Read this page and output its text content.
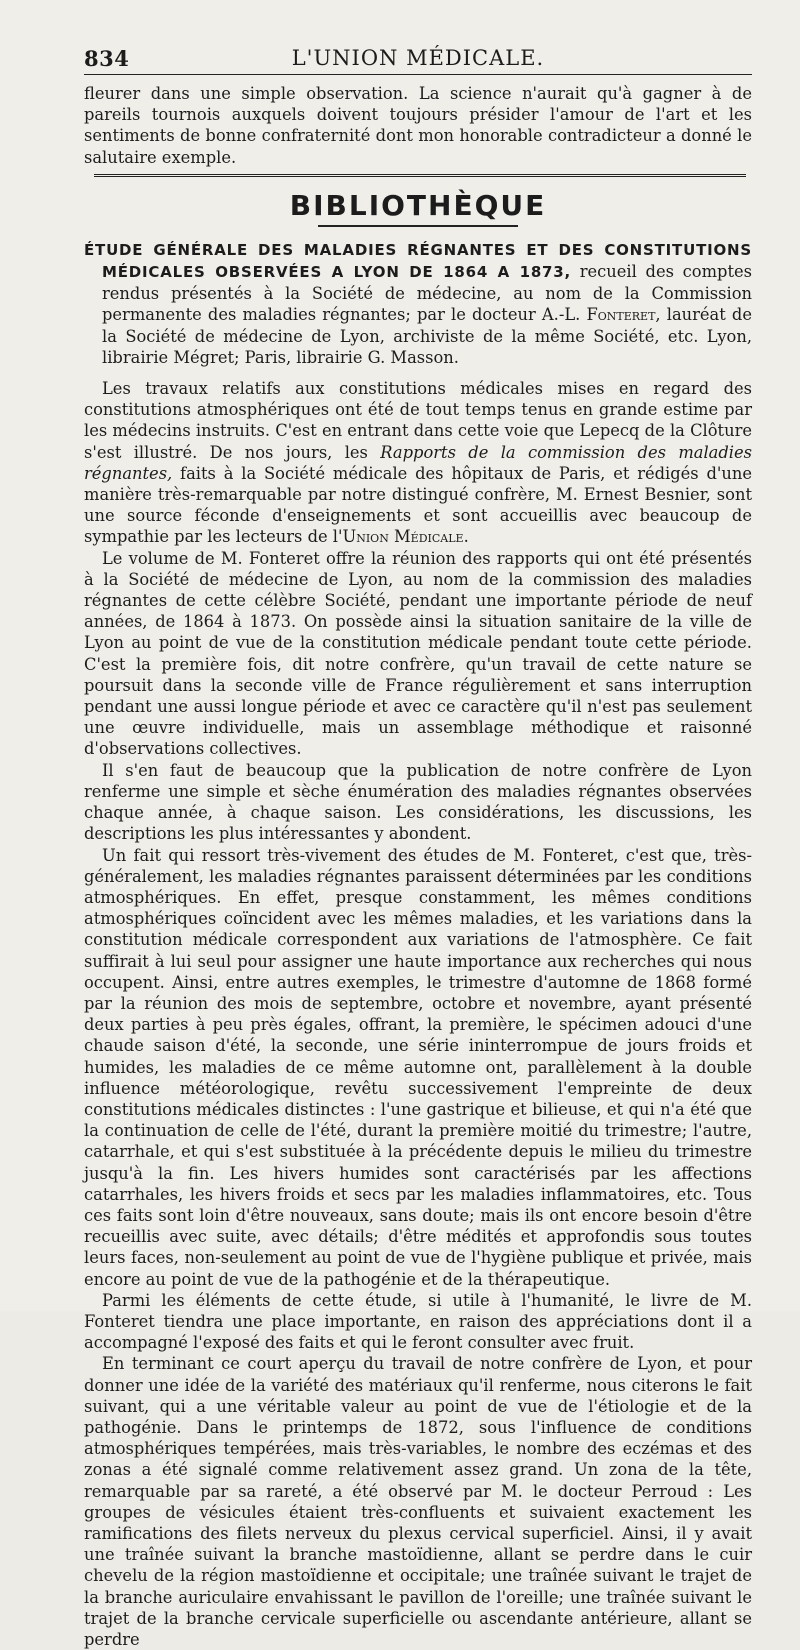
834	L'UNION MÉDICALE.

fleurer dans une simple observation. La science n'aurait qu'à gagner à de pareils tournois auxquels doivent toujours présider l'amour de l'art et les sentiments de bonne confraternité dont mon honorable contradicteur a donné le salutaire exemple.

BIBLIOTHÈQUE

ÉTUDE GÉNÉRALE DES MALADIES RÉGNANTES ET DES CONSTITUTIONS MÉDICALES OBSERVÉES A LYON DE 1864 A 1873, recueil des comptes rendus présentés à la Société de médecine, au nom de la Commission permanente des maladies régnantes; par le docteur A.-L. Fonteret, lauréat de la Société de médecine de Lyon, archiviste de la même Société, etc. Lyon, librairie Mégret; Paris, librairie G. Masson.

Les travaux relatifs aux constitutions médicales mises en regard des constitutions atmosphériques ont été de tout temps tenus en grande estime par les médecins instruits. C'est en entrant dans cette voie que Lepecq de la Clôture s'est illustré. De nos jours, les Rapports de la commission des maladies régnantes, faits à la Société médicale des hôpitaux de Paris, et rédigés d'une manière très-remarquable par notre distingué confrère, M. Ernest Besnier, sont une source féconde d'enseignements et sont accueillis avec beaucoup de sympathie par les lecteurs de l'Union Médicale.

Le volume de M. Fonteret offre la réunion des rapports qui ont été présentés à la Société de médecine de Lyon, au nom de la commission des maladies régnantes de cette célèbre Société, pendant une importante période de neuf années, de 1864 à 1873. On possède ainsi la situation sanitaire de la ville de Lyon au point de vue de la constitution médicale pendant toute cette période. C'est la première fois, dit notre confrère, qu'un travail de cette nature se poursuit dans la seconde ville de France régulièrement et sans interruption pendant une aussi longue période et avec ce caractère qu'il n'est pas seulement une œuvre individuelle, mais un assemblage méthodique et raisonné d'observations collectives.

Il s'en faut de beaucoup que la publication de notre confrère de Lyon renferme une simple et sèche énumération des maladies régnantes observées chaque année, à chaque saison. Les considérations, les discussions, les descriptions les plus intéressantes y abondent.

Un fait qui ressort très-vivement des études de M. Fonteret, c'est que, très-généralement, les maladies régnantes paraissent déterminées par les conditions atmosphériques. En effet, presque constamment, les mêmes conditions atmosphériques coïncident avec les mêmes maladies, et les variations dans la constitution médicale correspondent aux variations de l'atmosphère. Ce fait suffirait à lui seul pour assigner une haute importance aux recherches qui nous occupent. Ainsi, entre autres exemples, le trimestre d'automne de 1868 formé par la réunion des mois de septembre, octobre et novembre, ayant présenté deux parties à peu près égales, offrant, la première, le spécimen adouci d'une chaude saison d'été, la seconde, une série ininterrompue de jours froids et humides, les maladies de ce même automne ont, parallèlement à la double influence météorologique, revêtu successivement l'empreinte de deux constitutions médicales distinctes : l'une gastrique et bilieuse, et qui n'a été que la continuation de celle de l'été, durant la première moitié du trimestre; l'autre, catarrhale, et qui s'est substituée à la précédente depuis le milieu du trimestre jusqu'à la fin. Les hivers humides sont caractérisés par les affections catarrhales, les hivers froids et secs par les maladies inflammatoires, etc. Tous ces faits sont loin d'être nouveaux, sans doute; mais ils ont encore besoin d'être recueillis avec suite, avec détails; d'être médités et approfondis sous toutes leurs faces, non-seulement au point de vue de l'hygiène publique et privée, mais encore au point de vue de la pathogénie et de la thérapeutique.

Parmi les éléments de cette étude, si utile à l'humanité, le livre de M. Fonteret tiendra une place importante, en raison des appréciations dont il a accompagné l'exposé des faits et qui le feront consulter avec fruit.

En terminant ce court aperçu du travail de notre confrère de Lyon, et pour donner une idée de la variété des matériaux qu'il renferme, nous citerons le fait suivant, qui a une véritable valeur au point de vue de l'étiologie et de la pathogénie. Dans le printemps de 1872, sous l'influence de conditions atmosphériques tempérées, mais très-variables, le nombre des eczémas et des zonas a été signalé comme relativement assez grand. Un zona de la tête, remarquable par sa rareté, a été observé par M. le docteur Perroud : Les groupes de vésicules étaient très-confluents et suivaient exactement les ramifications des filets nerveux du plexus cervical superficiel. Ainsi, il y avait une traînée suivant la branche mastoïdienne, allant se perdre dans le cuir chevelu de la région mastoïdienne et occipitale; une traînée suivant le trajet de la branche auriculaire envahissant le pavillon de l'oreille; une traînée suivant le trajet de la branche cervicale superficielle ou ascendante antérieure, allant se perdre
